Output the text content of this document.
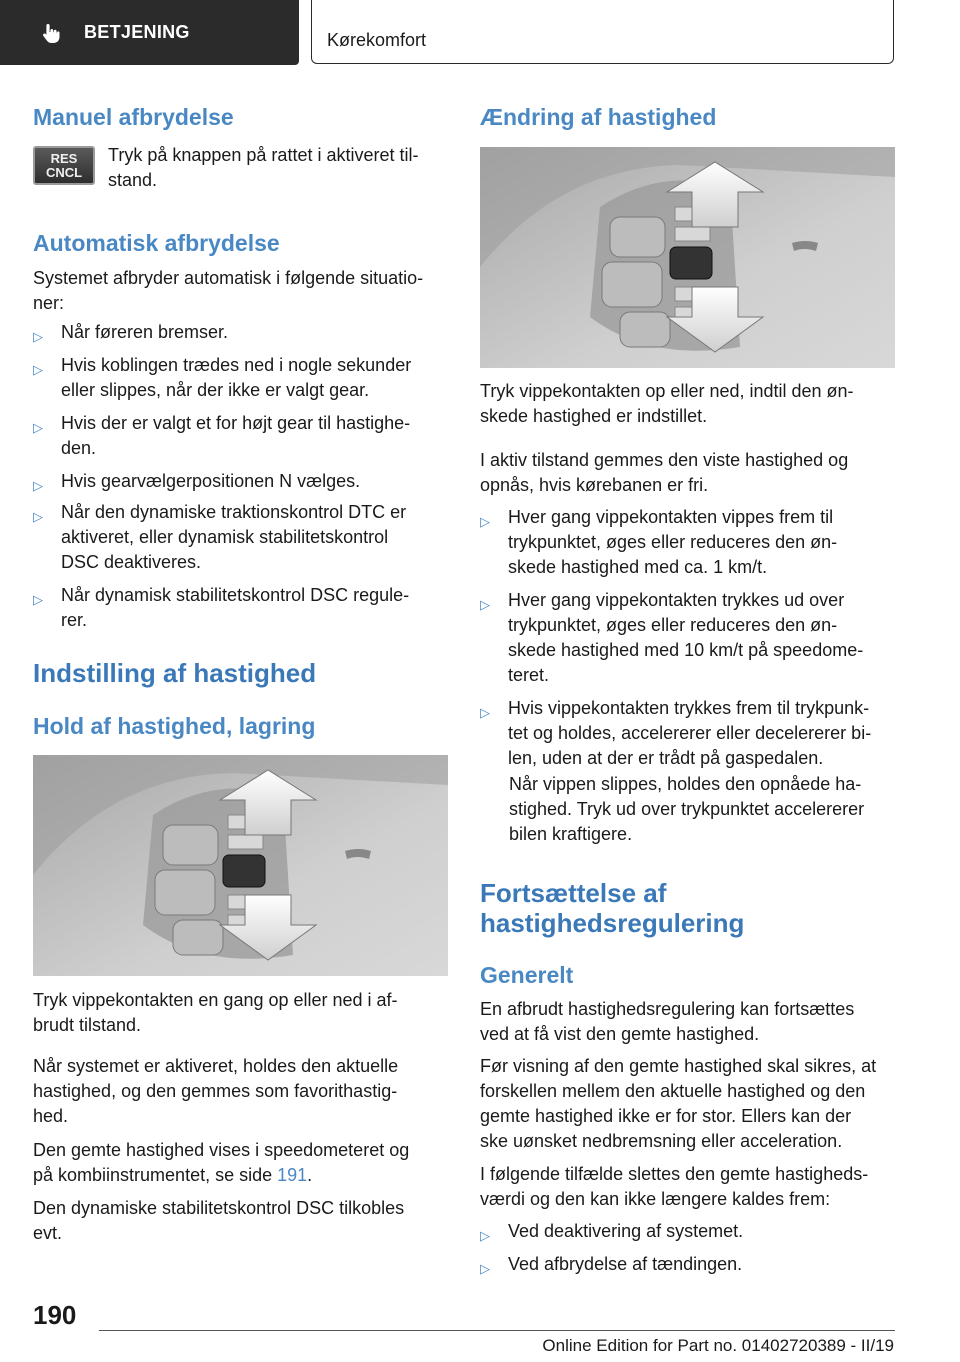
BETJENING	Kørekomfort
Manuel afbrydelse
RES
CNCL

Tryk på knappen på rattet i aktiveret til-
stand.

Automatisk afbrydelse

Systemet afbryder automatisk i følgende situatio-
ner:

▷ Når føreren bremser.
▷ Hvis koblingen trædes ned i nogle sekunder
eller slippes, når der ikke er valgt gear.
▷ Hvis der er valgt et for højt gear til hastighe-
den.
▷ Hvis gearvælgerpositionen N vælges.
▷ Når den dynamiske traktionskontrol DTC er
aktiveret, eller dynamisk stabilitetskontrol
DSC deaktiveres.
▷ Når dynamisk stabilitetskontrol DSC regule-
rer.
Indstilling af hastighed
Hold af hastighed, lagring

Tryk vippekontakten en gang op eller ned i af-
brudt tilstand.

Når systemet er aktiveret, holdes den aktuelle
hastighed, og den gemmes som favorithastig-
hed.

Den gemte hastighed vises i speedometeret og
på kombiinstrumentet, se side 191.

Den dynamiske stabilitetskontrol DSC tilkobles
evt.

Ændring af hastighed

Tryk vippekontakten op eller ned, indtil den øn-
skede hastighed er indstillet.

I aktiv tilstand gemmes den viste hastighed og
opnås, hvis kørebanen er fri.

▷ Hver gang vippekontakten vippes frem til
trykpunktet, øges eller reduceres den øn-
skede hastighed med ca. 1 km/t.
▷ Hver gang vippekontakten trykkes ud over
trykpunktet, øges eller reduceres den øn-
skede hastighed med 10 km/t på speedome-
teret.
▷ Hvis vippekontakten trykkes frem til trykpunk-
tet og holdes, accelererer eller decelererer bi-
len, uden at der er trådt på gaspedalen.

Når vippen slippes, holdes den opnåede ha-
stighed. Tryk ud over trykpunktet accelererer
bilen kraftigere.

Fortsættelse af
hastighedsregulering
Generelt

En afbrudt hastighedsregulering kan fortsættes
ved at få vist den gemte hastighed.

Før visning af den gemte hastighed skal sikres, at
forskellen mellem den aktuelle hastighed og den
gemte hastighed ikke er for stor. Ellers kan der
ske uønsket nedbremsning eller acceleration.

I følgende tilfælde slettes den gemte hastigheds-
værdi og den kan ikke længere kaldes frem:

▷ Ved deaktivering af systemet.
▷ Ved afbrydelse af tændingen.
190
Online Edition for Part no. 01402720389 - II/19
